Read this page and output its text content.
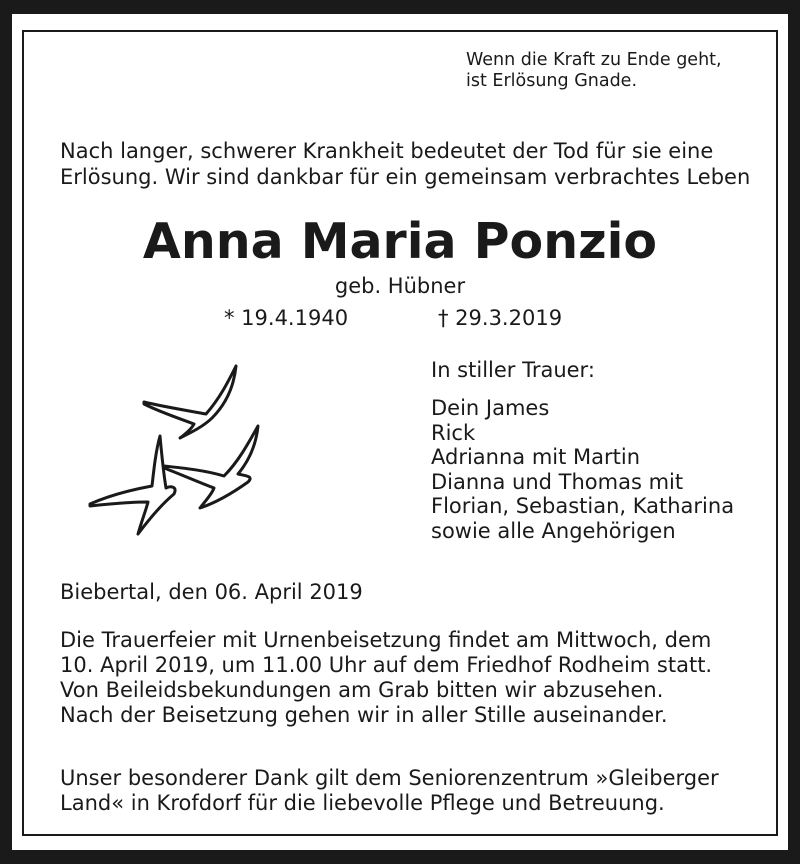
Wenn die Kraft zu Ende geht,
ist Erlösung Gnade.
Nach langer, schwerer Krankheit bedeutet der Tod für sie eine
Erlösung. Wir sind dankbar für ein gemeinsam verbrachtes Leben
Anna Maria Ponzio
geb. Hübner
* 19.4.1940	† 29.3.2019
In stiller Trauer:
Dein James
Rick
Adrianna mit Martin
Dianna und Thomas mit
Florian, Sebastian, Katharina
sowie alle Angehörigen
Biebertal, den 06. April 2019
Die Trauerfeier mit Urnenbeisetzung findet am Mittwoch, dem
10. April 2019, um 11.00 Uhr auf dem Friedhof Rodheim statt.
Von Beileidsbekundungen am Grab bitten wir abzusehen.
Nach der Beisetzung gehen wir in aller Stille auseinander.
Unser besonderer Dank gilt dem Seniorenzentrum »Gleiberger
Land« in Krofdorf für die liebevolle Pflege und Betreuung.
